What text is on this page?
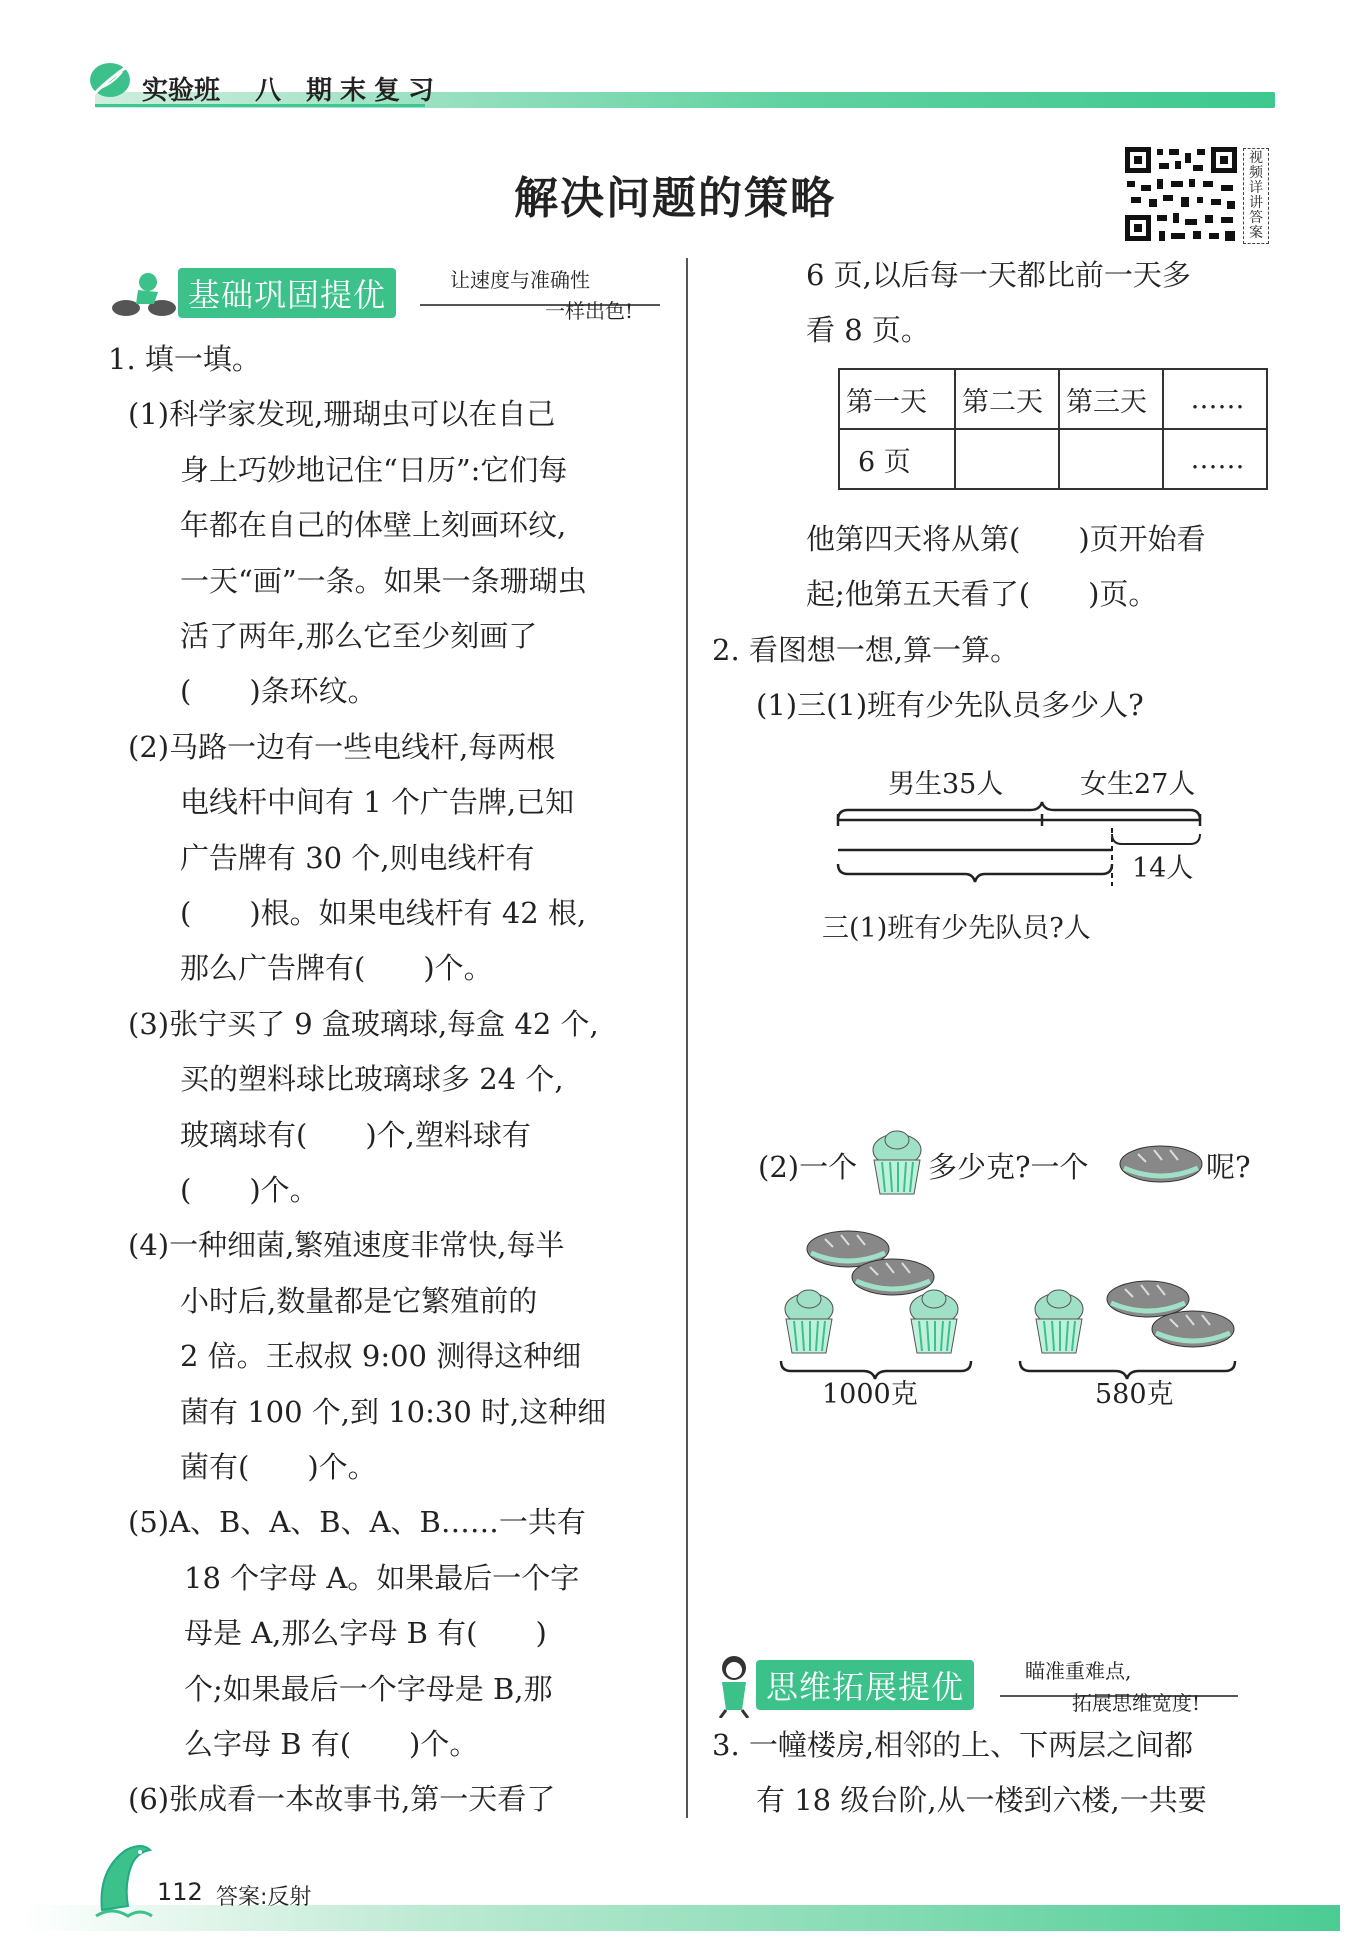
实验班 八 期末复习
解决问题的策略
视频详讲答案
基础巩固提优	让速度与准确性
一样出色!
1. 填一填。
(1)科学家发现,珊瑚虫可以在自己
身上巧妙地记住“日历”:它们每
年都在自己的体壁上刻画环纹,
一天“画”一条。如果一条珊瑚虫
活了两年,那么它至少刻画了
(　　)条环纹。
(2)马路一边有一些电线杆,每两根
电线杆中间有 1 个广告牌,已知
广告牌有 30 个,则电线杆有
(　　)根。如果电线杆有 42 根,
那么广告牌有(　　)个。
(3)张宁买了 9 盒玻璃球,每盒 42 个,
买的塑料球比玻璃球多 24 个,
玻璃球有(　　)个,塑料球有
(　　)个。
(4)一种细菌,繁殖速度非常快,每半
小时后,数量都是它繁殖前的
2 倍。王叔叔 9:00 测得这种细
菌有 100 个,到 10:30 时,这种细
菌有(　　)个。
(5)A、B、A、B、A、B……一共有
18 个字母 A。如果最后一个字
母是 A,那么字母 B 有(　　)
个;如果最后一个字母是 B,那
么字母 B 有(　　)个。
(6)张成看一本故事书,第一天看了
6 页,以后每一天都比前一天多
看 8 页。
第一天	第二天	第三天	……
6 页			……
他第四天将从第(　　)页开始看
起;他第五天看了(　　)页。
2. 看图想一想,算一算。
(1)三(1)班有少先队员多少人?
男生35人	女生27人
14人
三(1)班有少先队员?人
(2)一个 多少克?一个	呢?
1000克	580克
思维拓展提优	瞄准重难点,
拓展思维宽度!
3. 一幢楼房,相邻的上、下两层之间都
有 18 级台阶,从一楼到六楼,一共要
112 答案:反射
